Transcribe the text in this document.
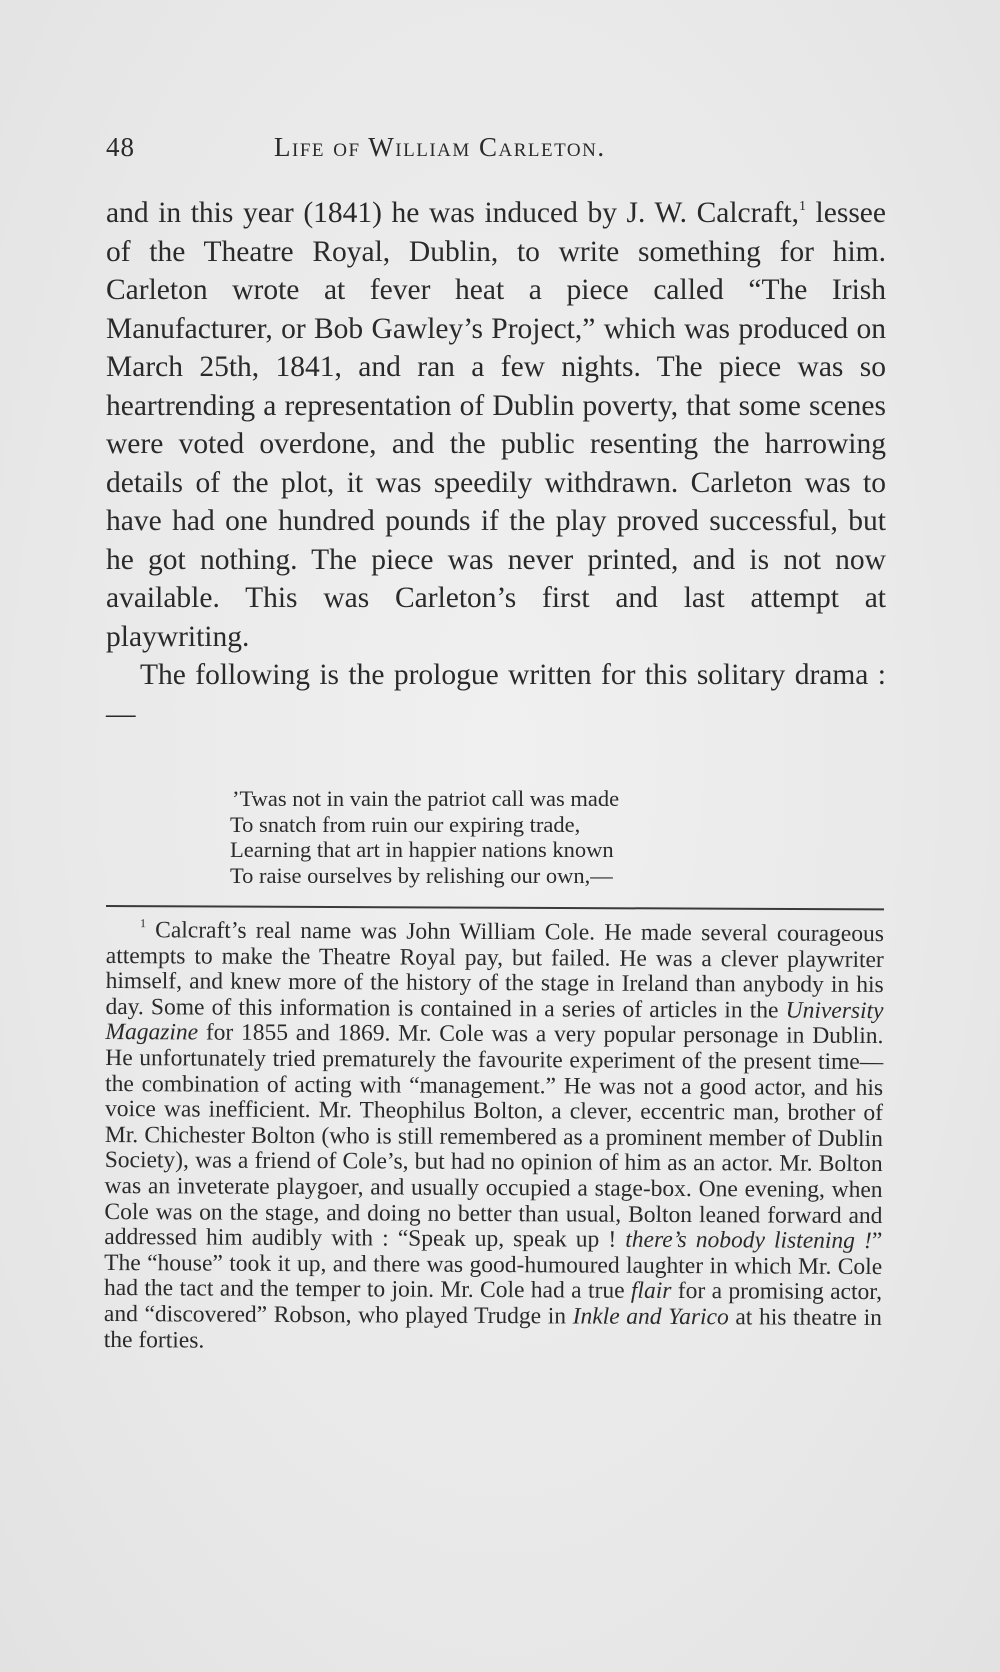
48	Life of William Carleton.

and in this year (1841) he was induced by J. W. Calcraft,$^1$ lessee of the Theatre Royal, Dublin, to write something for him. Carleton wrote at fever heat a piece called “The Irish Manufacturer, or Bob Gawley’s Project,” which was produced on March 25th, 1841, and ran a few nights. The piece was so heartrending a representation of Dublin poverty, that some scenes were voted overdone, and the public resenting the harrowing details of the plot, it was speedily withdrawn. Carleton was to have had one hundred pounds if the play proved successful, but he got nothing. The piece was never printed, and is not now available. This was Carleton’s first and last attempt at playwriting.

The following is the prologue written for this solitary drama :—

’Twas not in vain the patriot call was made
To snatch from ruin our expiring trade,
Learning that art in happier nations known
To raise ourselves by relishing our own,—

$^1$ Calcraft’s real name was John William Cole. He made several courageous attempts to make the Theatre Royal pay, but failed. He was a clever playwriter himself, and knew more of the history of the stage in Ireland than anybody in his day. Some of this information is contained in a series of articles in the University Magazine for 1855 and 1869. Mr. Cole was a very popular personage in Dublin. He unfortunately tried prematurely the favourite experiment of the present time—the combination of acting with “management.” He was not a good actor, and his voice was inefficient. Mr. Theophilus Bolton, a clever, eccentric man, brother of Mr. Chichester Bolton (who is still remembered as a prominent member of Dublin Society), was a friend of Cole’s, but had no opinion of him as an actor. Mr. Bolton was an inveterate playgoer, and usually occupied a stage-box. One evening, when Cole was on the stage, and doing no better than usual, Bolton leaned forward and addressed him audibly with : “Speak up, speak up ! there’s nobody listening !” The “house” took it up, and there was good-humoured laughter in which Mr. Cole had the tact and the temper to join. Mr. Cole had a true flair for a promising actor, and “discovered” Robson, who played Trudge in Inkle and Yarico at his theatre in the forties.
